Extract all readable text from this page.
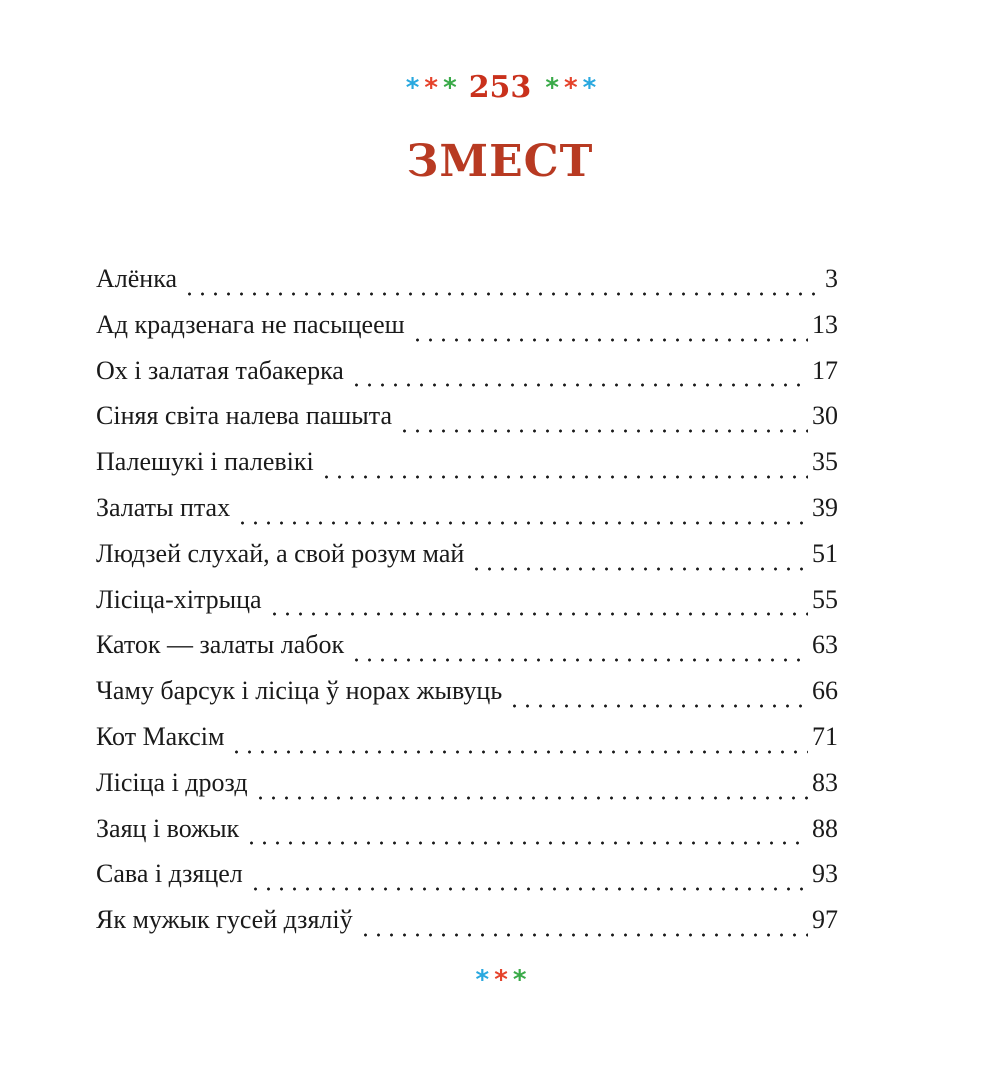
* * * 253 * * *
ЗМЕСТ
Алёнка	3
Ад крадзенага не пасыцееш	13
Ох і залатая табакерка	17
Сіняя світа налева пашыта	30
Палешукі і палевікі	35
Залаты птах	39
Людзей слухай, а свой розум май	51
Лісіца-хітрыца	55
Каток — залаты лабок	63
Чаму барсук і лісіца ў норах жывуць	66
Кот Максім	71
Лісіца і дрозд	83
Заяц і вожык	88
Сава і дзяцел	93
Як мужык гусей дзяліў	97
* * *
